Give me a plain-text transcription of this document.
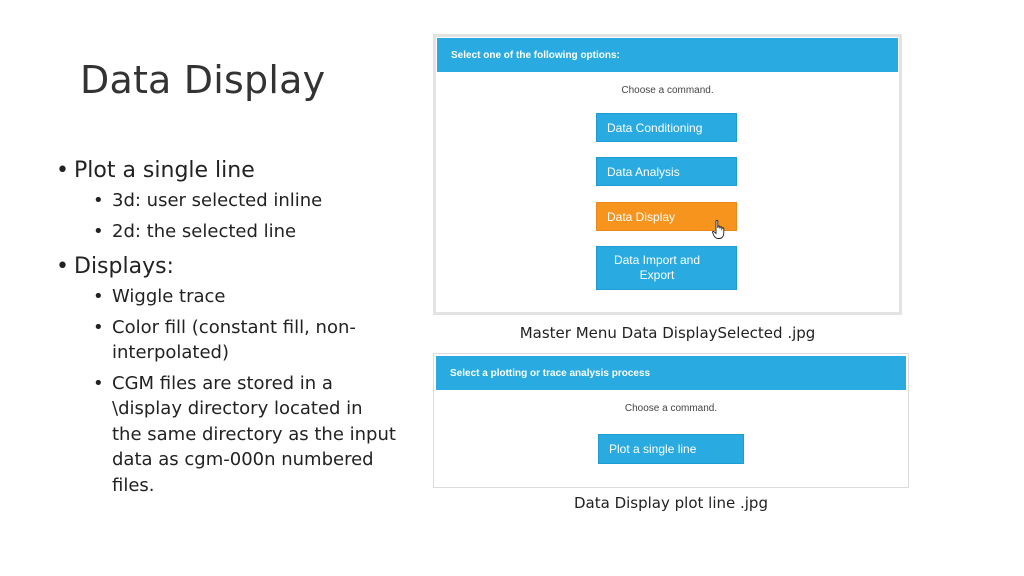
Data Display
• Plot a single line
• 3d: user selected inline
• 2d: the selected line
• Displays:
• Wiggle trace
• Color fill (constant fill, non-interpolated)
• CGM files are stored in a \display directory located in the same directory as the input data as cgm-000n numbered files.
Select one of the following options:
Choose a command.
Data Conditioning
Data Analysis
Data Display
Data Import and Export
Master Menu Data DisplaySelected .jpg
Select a plotting or trace analysis process
Choose a command.
Plot a single line
Data Display plot line .jpg
